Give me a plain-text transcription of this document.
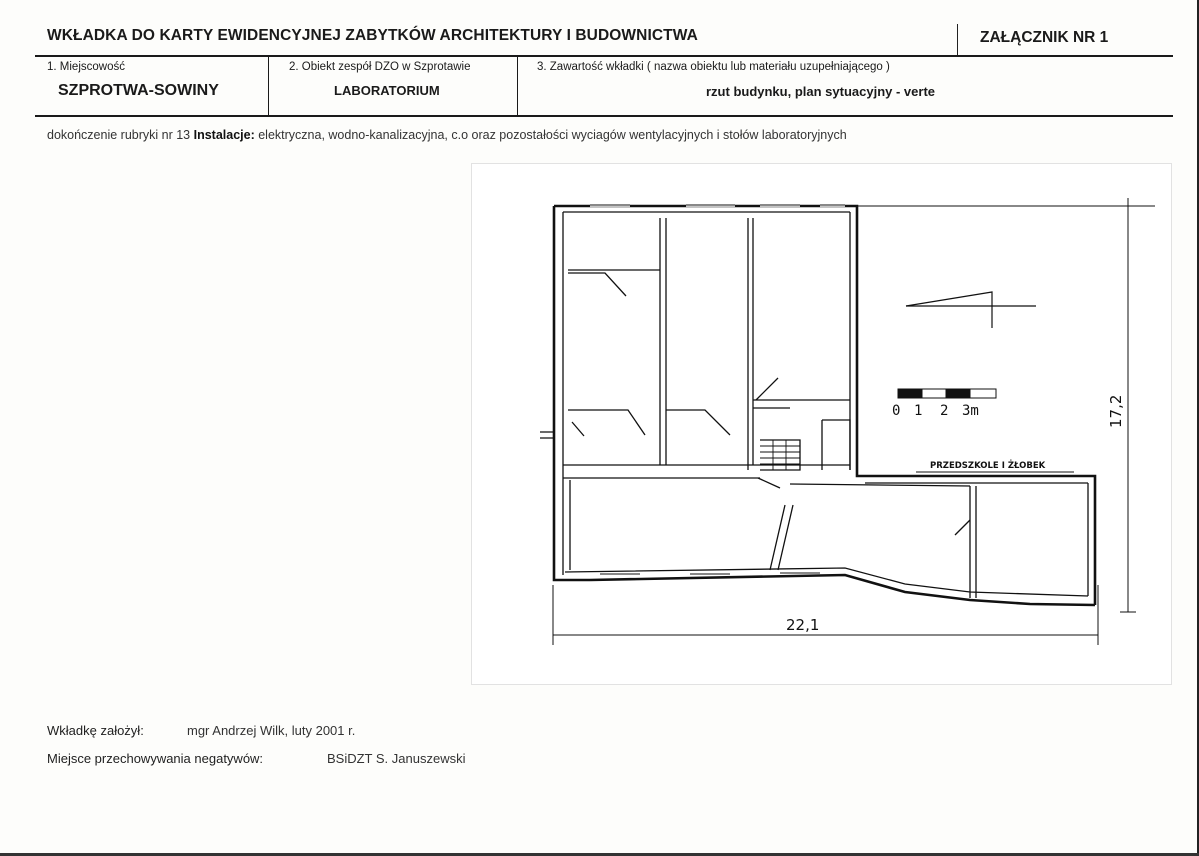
WKŁADKA DO KARTY EWIDENCYJNEJ ZABYTKÓW ARCHITEKTURY I BUDOWNICTWA	ZAŁĄCZNIK NR 1
1. Miejscowość
SZPROTWA-SOWINY
2. Obiekt zespół DZO w Szprotawie
LABORATORIUM
3. Zawartość wkładki ( nazwa obiektu lub materiału uzupełniającego )
rzut budynku, plan sytuacyjny - verte
dokończenie rubryki nr 13 Instalacje: elektryczna, wodno-kanalizacyjna, c.o oraz pozostałości wyciagów wentylacyjnych i stołów laboratoryjnych
0 1 2 3m
PRZEDSZKOLE I ŻŁOBEK
22,1
17,2
Wkładkę założył:	mgr Andrzej Wilk, luty 2001 r.
Miejsce przechowywania negatywów:	BSiDZT S. Januszewski
